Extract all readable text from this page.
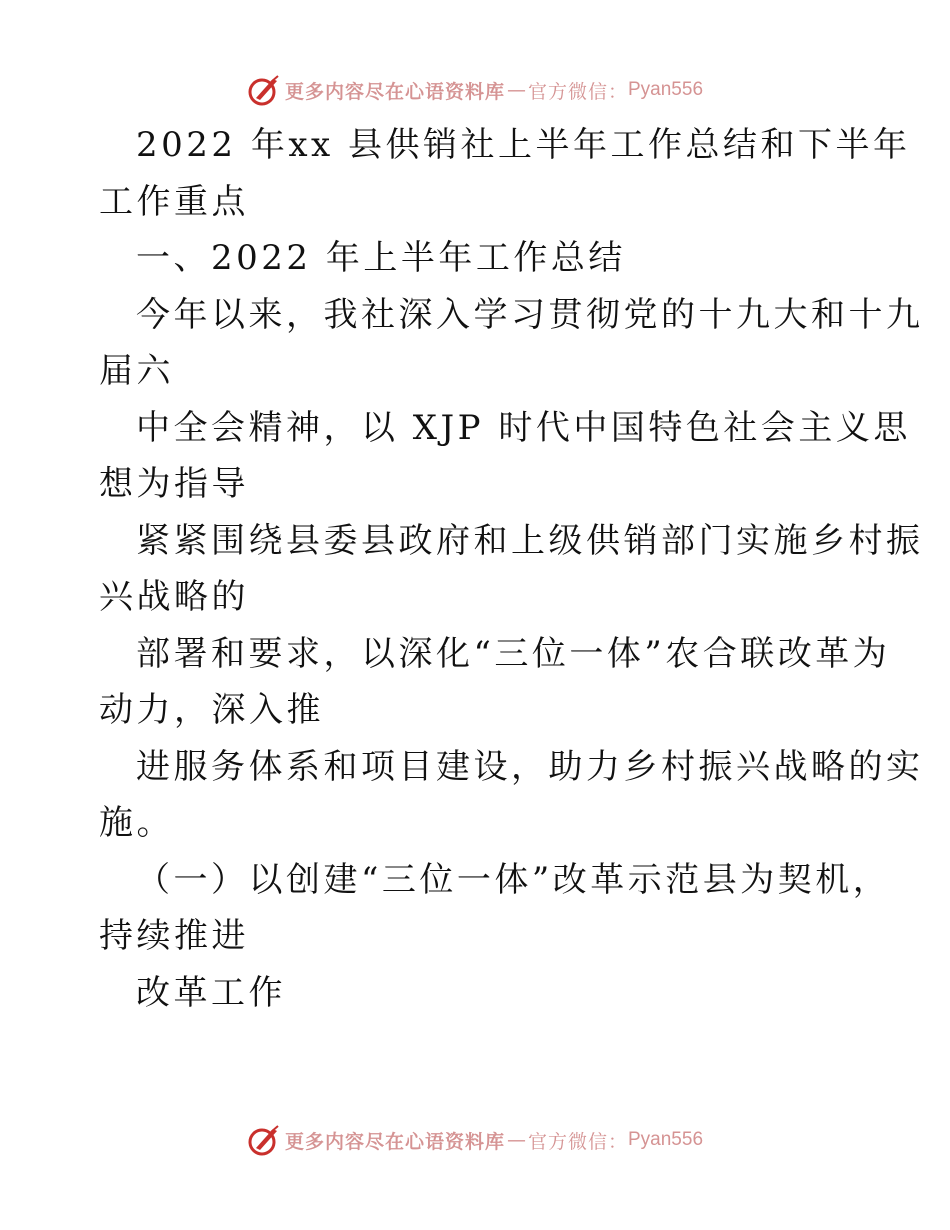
更多内容尽在心语资料库 — 官方微信： Pyan556
2022 年xx 县供销社上半年工作总结和下半年
工作重点
一、2022 年上半年工作总结
今年以来，我社深入学习贯彻党的十九大和十九
届六
中全会精神，以 XJP 时代中国特色社会主义思
想为指导
紧紧围绕县委县政府和上级供销部门实施乡村振
兴战略的
部署和要求，以深化“三位一体”农合联改革为
动力，深入推
进服务体系和项目建设，助力乡村振兴战略的实
施。
（一）以创建“三位一体”改革示范县为契机，
持续推进
改革工作
更多内容尽在心语资料库 — 官方微信： Pyan556
